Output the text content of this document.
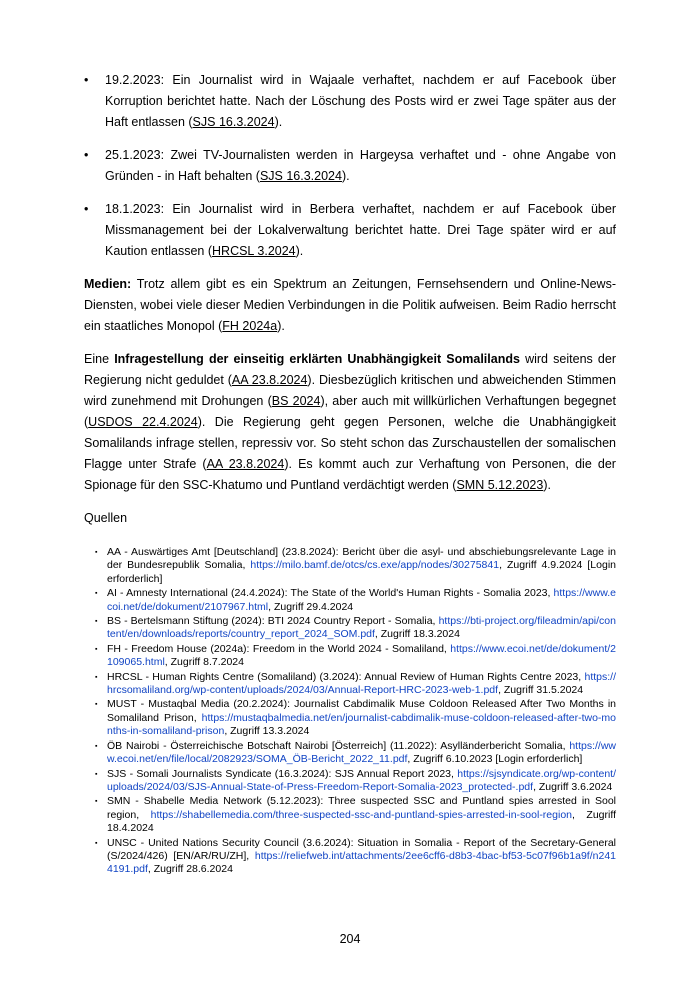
•	19.2.2023: Ein Journalist wird in Wajaale verhaftet, nachdem er auf Facebook über Korruption berichtet hatte. Nach der Löschung des Posts wird er zwei Tage später aus der Haft entlassen (SJS 16.3.2024).

•	25.1.2023: Zwei TV-Journalisten werden in Hargeysa verhaftet und - ohne Angabe von Gründen - in Haft behalten (SJS 16.3.2024).

•	18.1.2023: Ein Journalist wird in Berbera verhaftet, nachdem er auf Facebook über Missmanagement bei der Lokalverwaltung berichtet hatte. Drei Tage später wird er auf Kaution entlassen (HRCSL 3.2024).

Medien: Trotz allem gibt es ein Spektrum an Zeitungen, Fernsehsendern und Online-News-Diensten, wobei viele dieser Medien Verbindungen in die Politik aufweisen. Beim Radio herrscht ein staatliches Monopol (FH 2024a).

Eine Infragestellung der einseitig erklärten Unabhängigkeit Somalilands wird seitens der Regierung nicht geduldet (AA 23.8.2024). Diesbezüglich kritischen und abweichenden Stimmen wird zunehmend mit Drohungen (BS 2024), aber auch mit willkürlichen Verhaftungen begegnet (USDOS 22.4.2024). Die Regierung geht gegen Personen, welche die Unabhängigkeit Somalilands infrage stellen, repressiv vor. So steht schon das Zurschaustellen der somalischen Flagge unter Strafe (AA 23.8.2024). Es kommt auch zur Verhaftung von Personen, die der Spionage für den SSC-Khatumo und Puntland verdächtigt werden (SMN 5.12.2023).

Quellen

▪ AA - Auswärtiges Amt [Deutschland] (23.8.2024): Bericht über die asyl- und abschiebungsrelevante Lage in der Bundesrepublik Somalia, https://milo.bamf.de/otcs/cs.exe/app/nodes/30275841, Zugriff 4.9.2024 [Login erforderlich]

▪ AI - Amnesty International (24.4.2024): The State of the World's Human Rights - Somalia 2023, https://www.ecoi.net/de/dokument/2107967.html, Zugriff 29.4.2024

▪ BS - Bertelsmann Stiftung (2024): BTI 2024 Country Report - Somalia, https://bti-project.org/fileadmin/api/content/en/downloads/reports/country_report_2024_SOM.pdf, Zugriff 18.3.2024

▪ FH - Freedom House (2024a): Freedom in the World 2024 - Somaliland, https://www.ecoi.net/de/dokument/2109065.html, Zugriff 8.7.2024

▪ HRCSL - Human Rights Centre (Somaliland) (3.2024): Annual Review of Human Rights Centre 2023, https://hrcsomaliland.org/wp-content/uploads/2024/03/Annual-Report-HRC-2023-web-1.pdf, Zugriff 31.5.2024

▪ MUST - Mustaqbal Media (20.2.2024): Journalist Cabdimalik Muse Coldoon Released After Two Months in Somaliland Prison, https://mustaqbalmedia.net/en/journalist-cabdimalik-muse-coldoon-released-after-two-months-in-somaliland-prison, Zugriff 13.3.2024

▪ ÖB Nairobi - Österreichische Botschaft Nairobi [Österreich] (11.2022): Asylländerbericht Somalia, https://www.ecoi.net/en/file/local/2082923/SOMA_ÖB-Bericht_2022_11.pdf, Zugriff 6.10.2023 [Login erforderlich]

▪ SJS - Somali Journalists Syndicate (16.3.2024): SJS Annual Report 2023, https://sjsyndicate.org/wp-content/uploads/2024/03/SJS-Annual-State-of-Press-Freedom-Report-Somalia-2023_protected-.pdf, Zugriff 3.6.2024

▪ SMN - Shabelle Media Network (5.12.2023): Three suspected SSC and Puntland spies arrested in Sool region, https://shabellemedia.com/three-suspected-ssc-and-puntland-spies-arrested-in-sool-region, Zugriff 18.4.2024

▪ UNSC - United Nations Security Council (3.6.2024): Situation in Somalia - Report of the Secretary-General (S/2024/426) [EN/AR/RU/ZH], https://reliefweb.int/attachments/2ee6cff6-d8b3-4bac-bf53-5c07f96b1a9f/n2414191.pdf, Zugriff 28.6.2024

204
